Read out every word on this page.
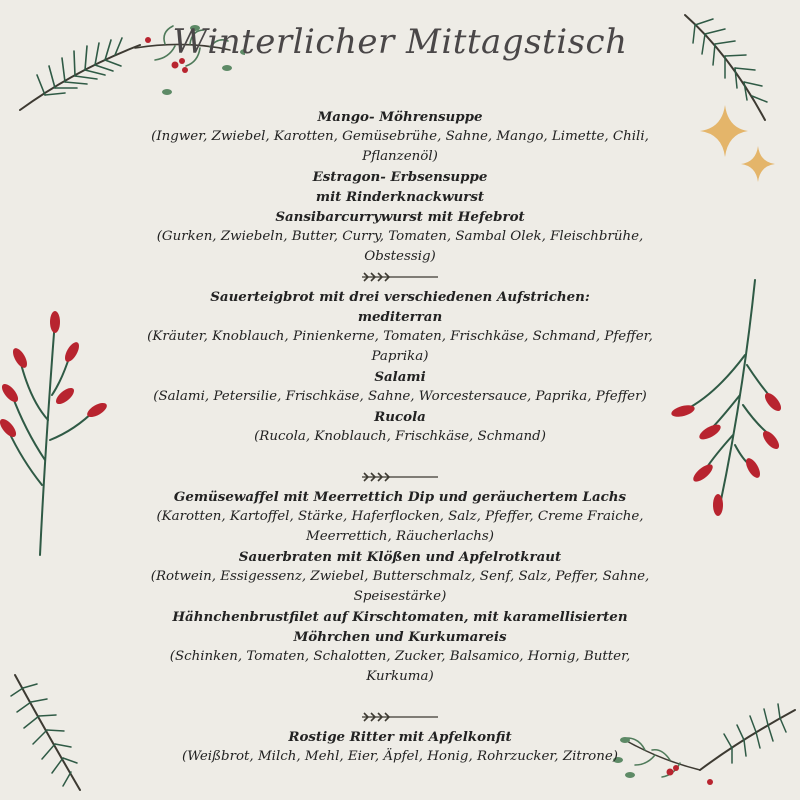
Winterlicher Mittagstisch

Mango- Möhrensuppe

(Ingwer, Zwiebel, Karotten, Gemüsebrühe, Sahne, Mango, Limette, Chili, Pflanzenöl)

Estragon- Erbsensuppe

mit Rinderknackwurst

Sansibarcurrywurst mit Hefebrot

(Gurken, Zwiebeln, Butter, Curry, Tomaten, Sambal Olek, Fleischbrühe, Obstessig)

Sauerteigbrot mit drei verschiedenen Aufstrichen:

mediterran

(Kräuter, Knoblauch, Pinienkerne, Tomaten, Frischkäse, Schmand, Pfeffer, Paprika)

Salami

(Salami, Petersilie, Frischkäse, Sahne, Worcestersauce, Paprika, Pfeffer)

Rucola

(Rucola, Knoblauch, Frischkäse, Schmand)

Gemüsewaffel mit Meerrettich Dip und geräuchertem Lachs

(Karotten, Kartoffel, Stärke, Haferflocken, Salz, Pfeffer, Creme Fraiche, Meerrettich, Räucherlachs)

Sauerbraten mit Klößen und Apfelrotkraut

(Rotwein, Essigessenz, Zwiebel, Butterschmalz, Senf, Salz, Peffer, Sahne, Speisestärke)

Hähnchenbrustfilet auf Kirschtomaten, mit karamellisierten Möhrchen und Kurkumareis

(Schinken, Tomaten, Schalotten, Zucker, Balsamico, Hornig, Butter, Kurkuma)

Rostige Ritter mit Apfelkonfit

(Weißbrot, Milch, Mehl, Eier, Äpfel, Honig, Rohrzucker, Zitrone)
